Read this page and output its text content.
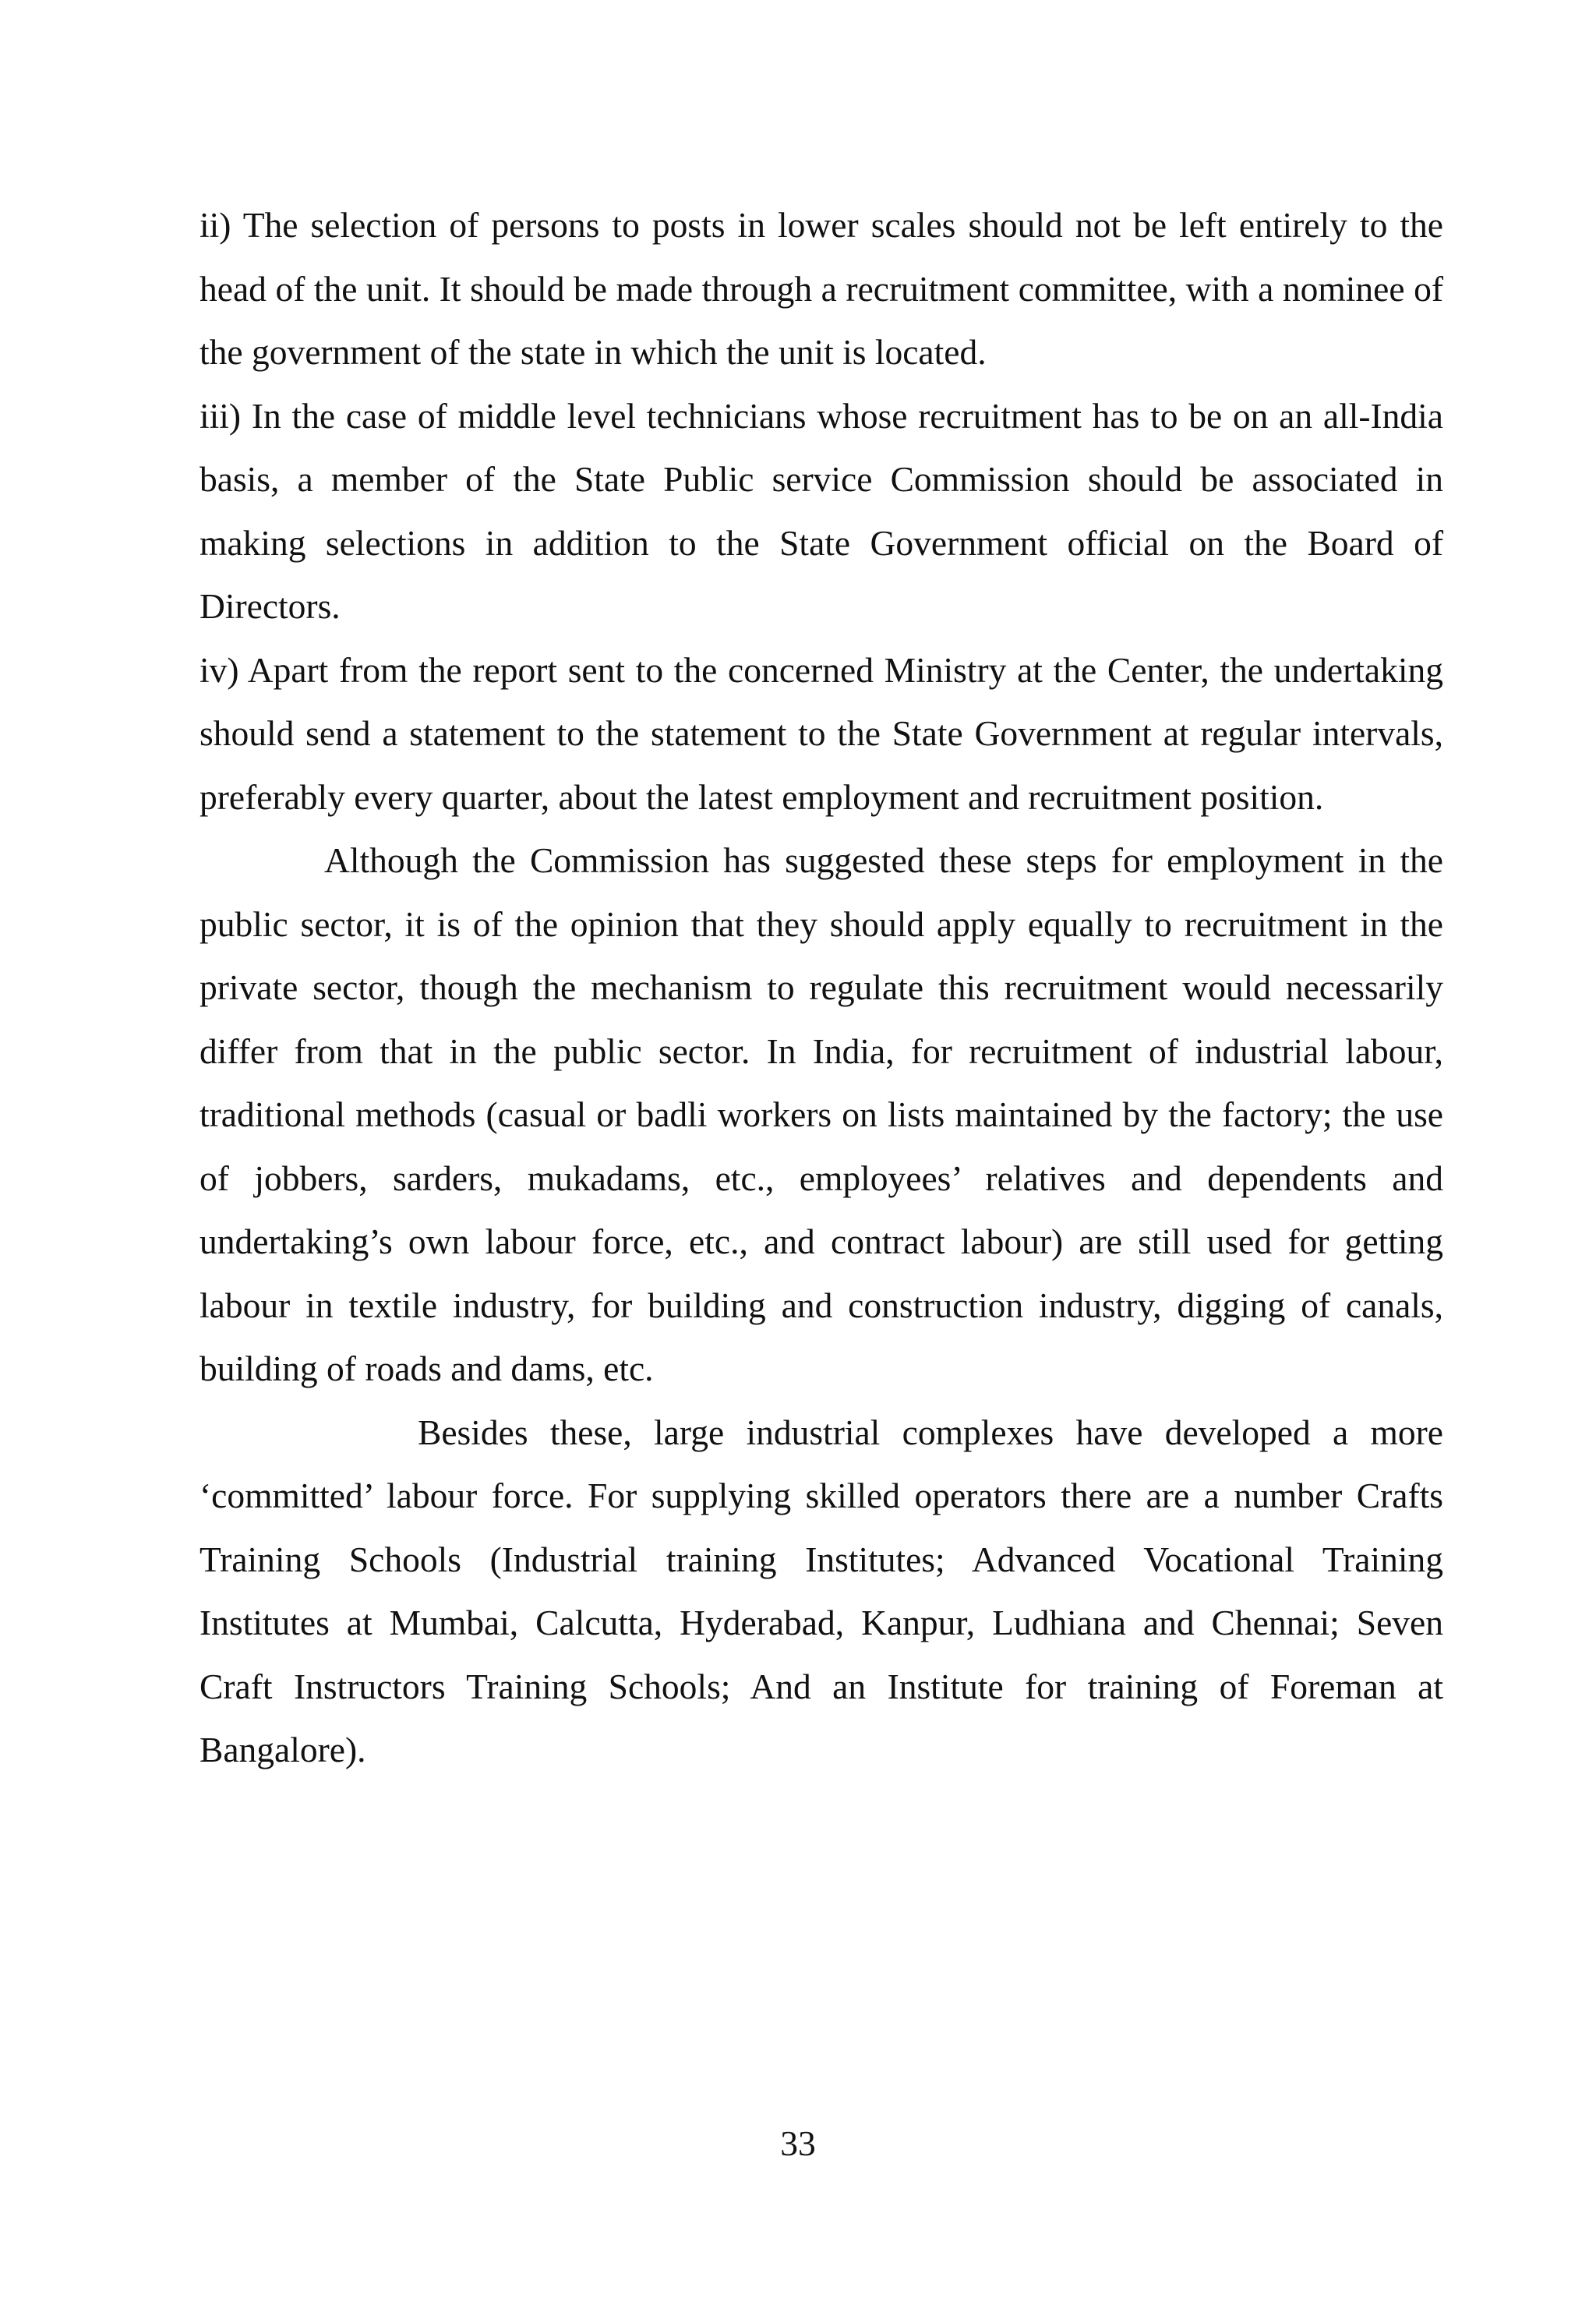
ii) The selection of persons to posts in lower scales should not be left entirely to the head of the unit. It should be made through a recruitment committee, with a nominee of the government of the state in which the unit is located.

iii) In the case of middle level technicians whose recruitment has to be on an all-India basis, a member of the State Public service Commission should be associated in making selections in addition to the State Government official on the Board of Directors.

iv) Apart from the report sent to the concerned Ministry at the Center, the undertaking should send a statement to the statement to the State Government at regular intervals, preferably every quarter, about the latest employment and recruitment position.

Although the Commission has suggested these steps for employment in the public sector, it is of the opinion that they should apply equally to recruitment in the private sector, though the mechanism to regulate this recruitment would necessarily differ from that in the public sector. In India, for recruitment of industrial labour, traditional methods (casual or badli workers on lists maintained by the factory; the use of jobbers, sarders, mukadams, etc., employees’ relatives and dependents and undertaking’s own labour force, etc., and contract labour) are still used for getting labour in textile industry, for building and construction industry, digging of canals, building of roads and dams, etc.

Besides these, large industrial complexes have developed a more ‘committed’ labour force. For supplying skilled operators there are a number Crafts Training Schools (Industrial training Institutes; Advanced Vocational Training Institutes at Mumbai, Calcutta, Hyderabad, Kanpur, Ludhiana and Chennai; Seven Craft Instructors Training Schools; And an Institute for training of Foreman at Bangalore).

33
